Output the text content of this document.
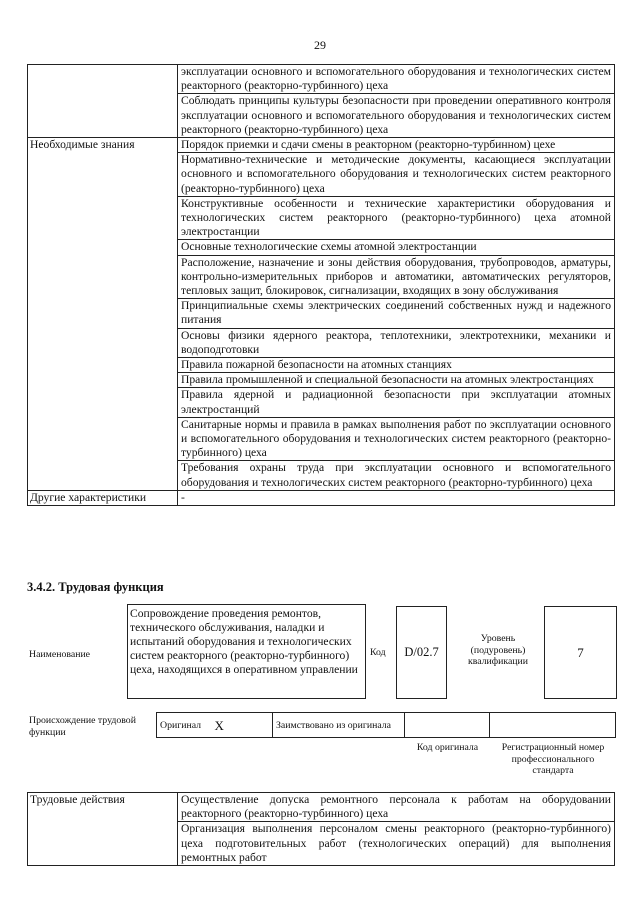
29
	эксплуатации основного и вспомогательного оборудования и технологических систем реакторного (реакторно-турбинного) цеха
	Соблюдать принципы культуры безопасности при проведении оперативного контроля эксплуатации основного и вспомогательного оборудования и технологических систем реакторного (реакторно-турбинного) цеха
Необходимые знания	Порядок приемки и сдачи смены в реакторном (реакторно-турбинном) цехе
	Нормативно-технические и методические документы, касающиеся эксплуатации основного и вспомогательного оборудования и технологических систем реакторного (реакторно-турбинного) цеха
	Конструктивные особенности и технические характеристики оборудования и технологических систем реакторного (реакторно-турбинного) цеха атомной электростанции
	Основные технологические схемы атомной электростанции
	Расположение, назначение и зоны действия оборудования, трубопроводов, арматуры, контрольно-измерительных приборов и автоматики, автоматических регуляторов, тепловых защит, блокировок, сигнализации, входящих в зону обслуживания
	Принципиальные схемы электрических соединений собственных нужд и надежного питания
	Основы физики ядерного реактора, теплотехники, электротехники, механики и водоподготовки
	Правила пожарной безопасности на атомных станциях
	Правила промышленной и специальной безопасности на атомных электростанциях
	Правила ядерной и радиационной безопасности при эксплуатации атомных электростанций
	Санитарные нормы и правила в рамках выполнения работ по эксплуатации основного и вспомогательного оборудования и технологических систем реакторного (реакторно-турбинного) цеха
	Требования охраны труда при эксплуатации основного и вспомогательного оборудования и технологических систем реакторного (реакторно-турбинного) цеха
Другие характеристики	-
3.4.2. Трудовая функция
Наименование
Сопровождение проведения ремонтов, технического обслуживания, наладки и испытаний оборудования и технологических систем реакторного (реакторно-турбинного) цеха, находящихся в оперативном управлении
Код	D/02.7
Уровень (подуровень) квалификации
7
Происхождение трудовой функции
Оригинал	X	Заимствовано из оригинала		
Код оригинала	Регистрационный номер профессионального стандарта
Трудовые действия	Осуществление допуска ремонтного персонала к работам на оборудовании реакторного (реакторно-турбинного) цеха
Организация выполнения персоналом смены реакторного (реакторно-турбинного) цеха подготовительных работ (технологических операций) для выполнения ремонтных работ
